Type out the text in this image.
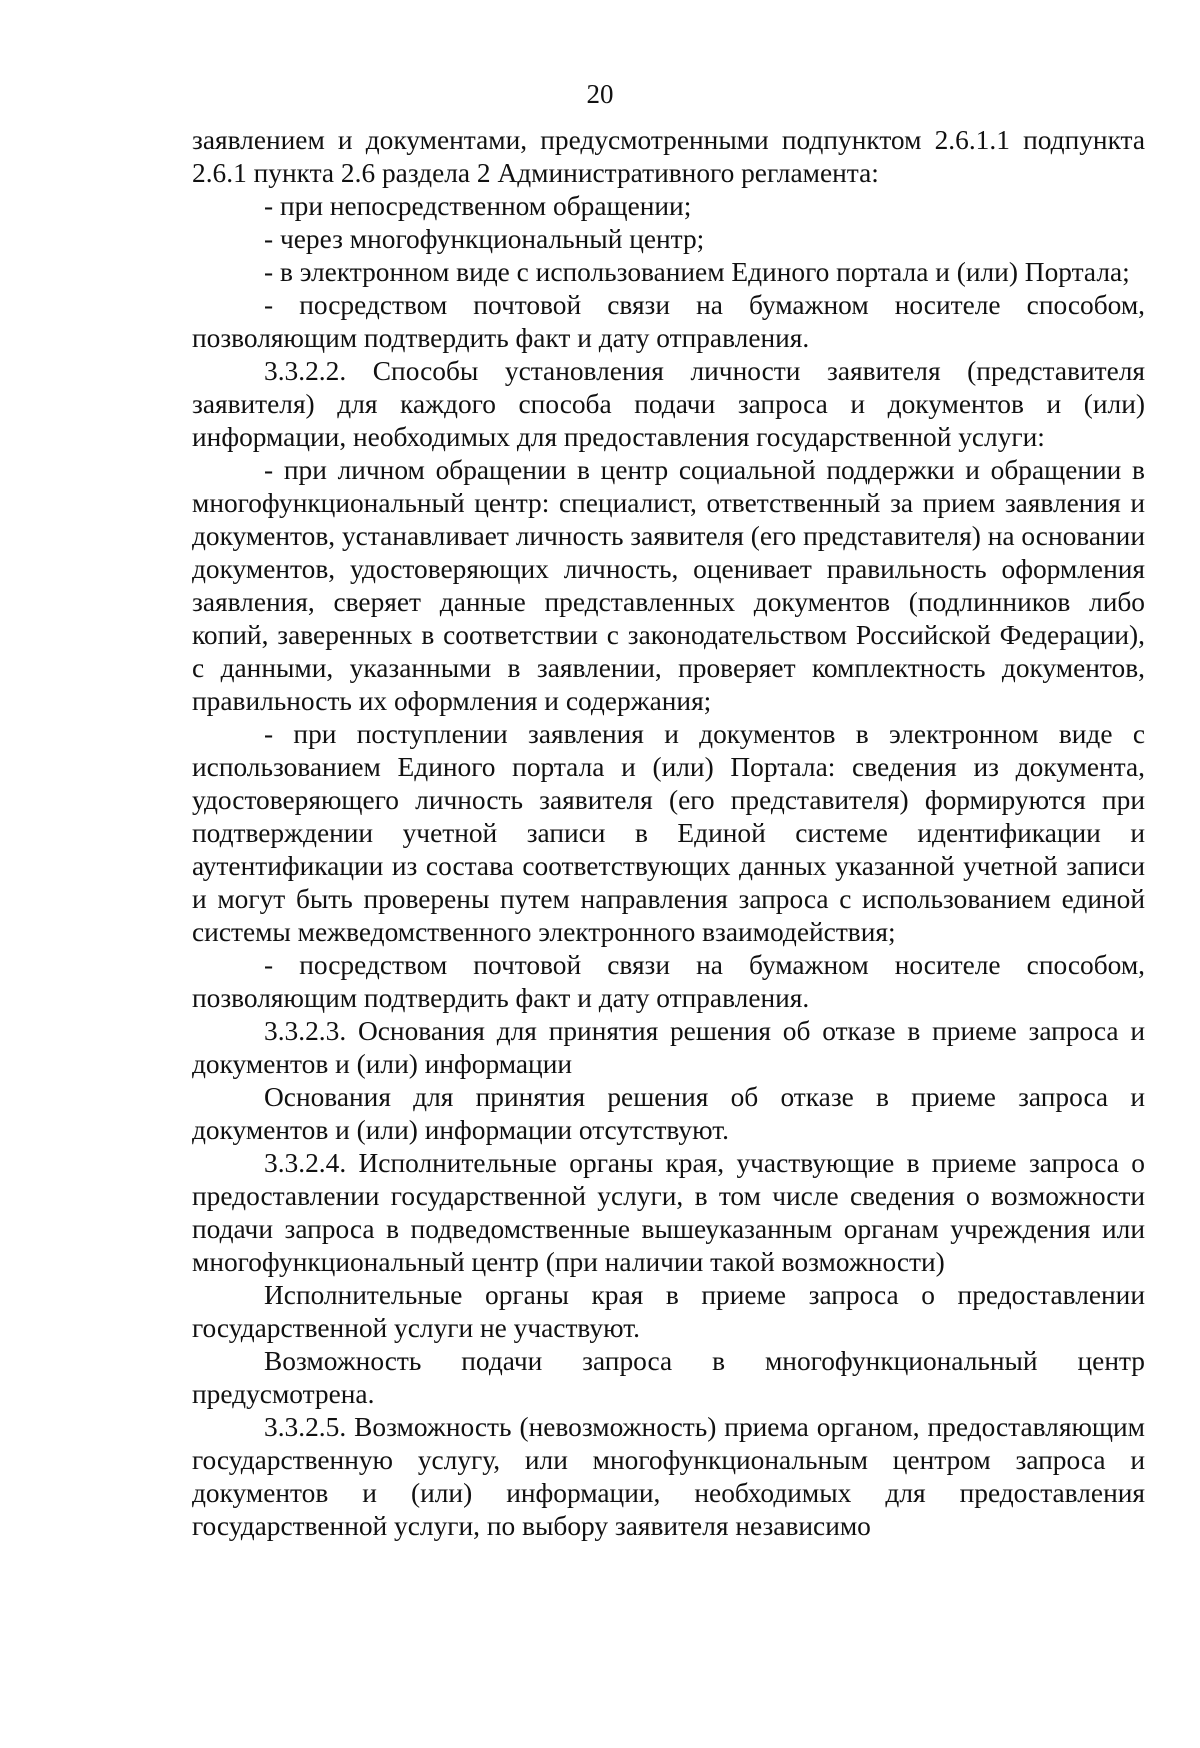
20

заявлением и документами, предусмотренными подпунктом 2.6.1.1 подпункта 2.6.1 пункта 2.6 раздела 2 Административного регламента:

- при непосредственном обращении;

- через многофункциональный центр;

- в электронном виде с использованием Единого портала и (или) Портала;

- посредством почтовой связи на бумажном носителе способом, позволяющим подтвердить факт и дату отправления.

3.3.2.2. Способы установления личности заявителя (представителя заявителя) для каждого способа подачи запроса и документов и (или) информации, необходимых для предоставления государственной услуги:

- при личном обращении в центр социальной поддержки и обращении в многофункциональный центр: специалист, ответственный за прием заявления и документов, устанавливает личность заявителя (его представителя) на основании документов, удостоверяющих личность, оценивает правильность оформления заявления, сверяет данные представленных документов (подлинников либо копий, заверенных в соответствии с законодательством Российской Федерации), с данными, указанными в заявлении, проверяет комплектность документов, правильность их оформления и содержания;

- при поступлении заявления и документов в электронном виде с использованием Единого портала и (или) Портала: сведения из документа, удостоверяющего личность заявителя (его представителя) формируются при подтверждении учетной записи в Единой системе идентификации и аутентификации из состава соответствующих данных указанной учетной записи и могут быть проверены путем направления запроса с использованием единой системы межведомственного электронного взаимодействия;

- посредством почтовой связи на бумажном носителе способом, позволяющим подтвердить факт и дату отправления.

3.3.2.3. Основания для принятия решения об отказе в приеме запроса и документов и (или) информации

Основания для принятия решения об отказе в приеме запроса и документов и (или) информации отсутствуют.

3.3.2.4. Исполнительные органы края, участвующие в приеме запроса о предоставлении государственной услуги, в том числе сведения о возможности подачи запроса в подведомственные вышеуказанным органам учреждения или многофункциональный центр (при наличии такой возможности)

Исполнительные органы края в приеме запроса о предоставлении государственной услуги не участвуют.

Возможность подачи запроса в многофункциональный центр предусмотрена.

3.3.2.5. Возможность (невозможность) приема органом, предоставляющим государственную услугу, или многофункциональным центром запроса и документов и (или) информации, необходимых для предоставления государственной услуги, по выбору заявителя независимо
